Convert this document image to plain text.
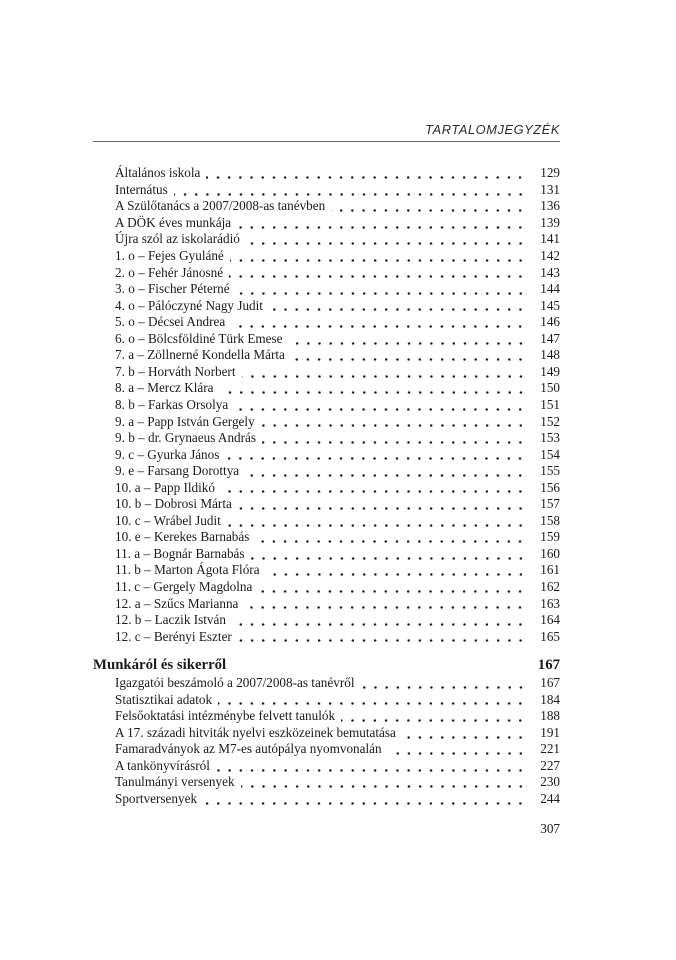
TARTALOMJEGYZÉK
Általános iskola	129
Internátus	131
A Szülőtanács a 2007/2008-as tanévben	136
A DÖK éves munkája	139
Újra szól az iskolarádió	141
1. o – Fejes Gyuláné	142
2. o – Fehér Jánosné	143
3. o – Fischer Péterné	144
4. o – Pálóczyné Nagy Judit	145
5. o – Décsei Andrea	146
6. o – Bölcsföldiné Türk Emese	147
7. a – Zöllnerné Kondella Márta	148
7. b – Horváth Norbert	149
8. a – Mercz Klára	150
8. b – Farkas Orsolya	151
9. a – Papp István Gergely	152
9. b – dr. Grynaeus András	153
9. c – Gyurka János	154
9. e – Farsang Dorottya	155
10. a – Papp Ildikó	156
10. b – Dobrosi Márta	157
10. c – Wrábel Judit	158
10. e – Kerekes Barnabás	159
11. a – Bognár Barnabás	160
11. b – Marton Ágota Flóra	161
11. c – Gergely Magdolna	162
12. a – Szűcs Marianna	163
12. b – Laczik István	164
12. c – Berényi Eszter	165
Munkáról és sikerről	167
Igazgatói beszámoló a 2007/2008-as tanévről	167
Statisztikai adatok	184
Felsőoktatási intézménybe felvett tanulók	188
A 17. századi hitviták nyelvi eszközeinek bemutatása	191
Famaradványok az M7-es autópálya nyomvonalán	221
A tankönyvírásról	227
Tanulmányi versenyek	230
Sportversenyek	244
307
